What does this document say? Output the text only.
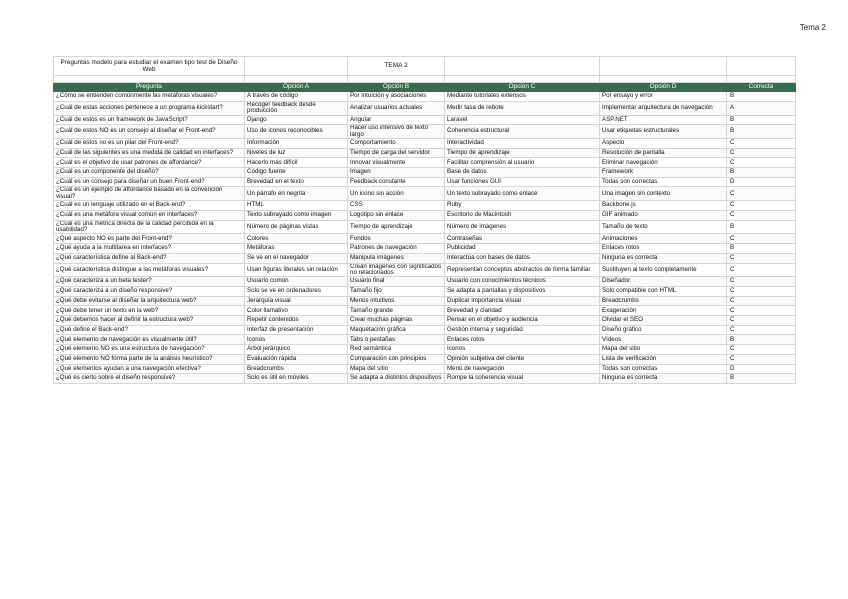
Tema 2
Preguntas modelo para estudiar el examen tipo test de Diseño Web		TEMA 2			

Pregunta	Opción A	Opción B	Opción C	Opción D	Correcta
¿Cómo se entienden comúnmente las metáforas visuales?	A través de código	Por intuición y asociaciones	Mediante tutoriales extensos	Por ensayo y error	B
¿Cuál de estas acciones pertenece a un programa kickstart?	Recoger feedback desde producción	Analizar usuarios actuales	Medir tasa de rebote	Implementar arquitectura de navegación	A
¿Cuál de estos es un framework de JavaScript?	Django	Angular	Laravel	ASP.NET	B
¿Cuál de estos NO es un consejo al diseñar el Front-end?	Uso de iconos reconocibles	Hacer uso intensivo de texto largo	Coherencia estructural	Usar etiquetas estructurales	B
¿Cuál de estos no es un pilar del Front-end?	Información	Comportamiento	Interactividad	Aspecto	C
¿Cuál de las siguientes es una medida de calidad en interfaces?	Niveles de luz	Tiempo de carga del servidor	Tiempo de aprendizaje	Resolución de pantalla	C
¿Cuál es el objetivo de usar patrones de affordance?	Hacerlo más difícil	Innovar visualmente	Facilitar comprensión al usuario	Eliminar navegación	C
¿Cuál es un componente del diseño?	Código fuente	Imagen	Base de datos	Framework	B
¿Cuál es un consejo para diseñar un buen Front-end?	Brevedad en el texto	Feedback constante	Usar funciones GUI	Todas son correctas	D
¿Cuál es un ejemplo de affordance basado en la convención visual?	Un párrafo en negrita	Un icono sin acción	Un texto subrayado como enlace	Una imagen sin contexto	C
¿Cuál es un lenguaje utilizado en el Back-end?	HTML	CSS	Ruby	Backbone.js	C
¿Cuál es una metáfora visual común en interfaces?	Texto subrayado como imagen	Logotipo sin enlace	Escritorio de Macintosh	GIF animado	C
¿Cuál es una métrica directa de la calidad percibida en la usabilidad?	Número de páginas vistas	Tiempo de aprendizaje	Número de imágenes	Tamaño de texto	B
¿Qué aspecto NO es parte del Front-end?	Colores	Fondos	Contraseñas	Animaciones	C
¿Qué ayuda a la multitarea en interfaces?	Metáforas	Patrones de navegación	Publicidad	Enlaces rotos	B
¿Qué característica define al Back-end?	Se ve en el navegador	Manipula imágenes	Interactúa con bases de datos	Ninguna es correcta	C
¿Qué característica distingue a las metáforas visuales?	Usan figuras literales sin relación	Crean imágenes con significados no relacionados	Representan conceptos abstractos de forma familiar	Sustituyen al texto completamente	C
¿Qué caracteriza a un beta tester?	Usuario común	Usuario final	Usuario con conocimientos técnicos	Diseñador	C
¿Qué caracteriza a un diseño responsive?	Solo se ve en ordenadores	Tamaño fijo	Se adapta a pantallas y dispositivos	Solo compatible con HTML	C
¿Qué debe evitarse al diseñar la arquitectura web?	Jerarquía visual	Menús intuitivos	Duplicar importancia visual	Breadcrumbs	C
¿Qué debe tener un texto en la web?	Color llamativo	Tamaño grande	Brevedad y claridad	Exageración	C
¿Qué debemos hacer al definir la estructura web?	Repetir contenidos	Crear muchas páginas	Pensar en el objetivo y audiencia	Olvidar el SEO	C
¿Qué define el Back-end?	Interfaz de presentación	Maquetación gráfica	Gestión interna y seguridad	Diseño gráfico	C
¿Qué elemento de navegación es visualmente útil?	Iconos	Tabs o pestañas	Enlaces rotos	Vídeos	B
¿Qué elemento NO es una estructura de navegación?	Árbol jerárquico	Red semántica	Iconos	Mapa del sitio	C
¿Qué elemento NO forma parte de la análisis heurístico?	Evaluación rápida	Comparación con principios	Opinión subjetiva del cliente	Lista de verificación	C
¿Qué elementos ayudan a una navegación efectiva?	Breadcrumbs	Mapa del sitio	Menú de navegación	Todas son correctas	D
¿Qué es cierto sobre el diseño responsive?	Solo es útil en móviles	Se adapta a distintos dispositivos	Rompe la coherencia visual	Ninguna es correcta	B
